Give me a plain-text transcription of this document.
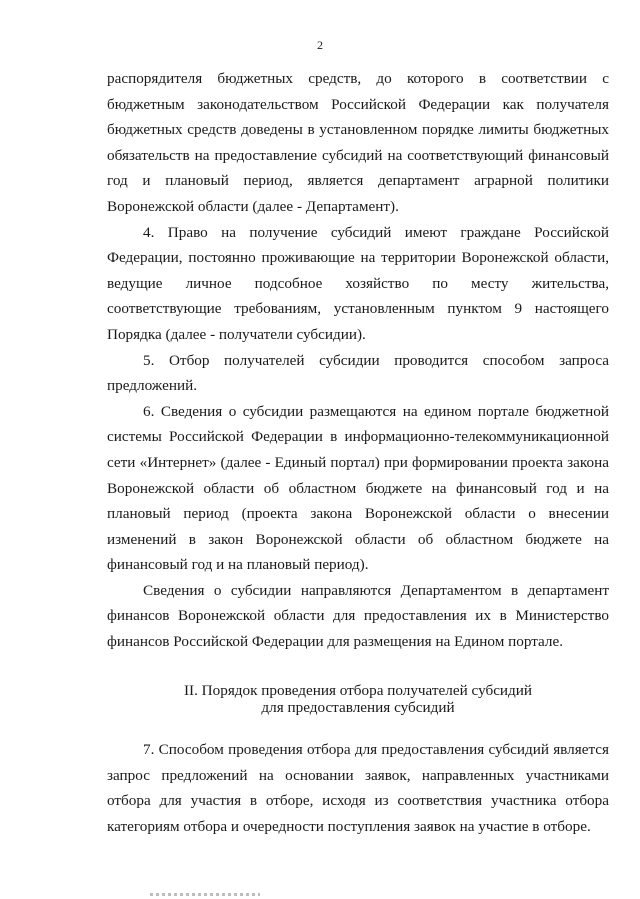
2

распорядителя бюджетных средств, до которого в соответствии с бюджетным законодательством Российской Федерации как получателя бюджетных средств доведены в установленном порядке лимиты бюджетных обязательств на предоставление субсидий на соответствующий финансовый год и плановый период, является департамент аграрной политики Воронежской области (далее - Департамент).

4. Право на получение субсидий имеют граждане Российской Федерации, постоянно проживающие на территории Воронежской области, ведущие личное подсобное хозяйство по месту жительства, соответствующие требованиям, установленным пунктом 9 настоящего Порядка (далее - получатели субсидии).

5. Отбор получателей субсидии проводится способом запроса предложений.

6. Сведения о субсидии размещаются на едином портале бюджетной системы Российской Федерации в информационно-телекоммуникационной сети «Интернет» (далее - Единый портал) при формировании проекта закона Воронежской области об областном бюджете на финансовый год и на плановый период (проекта закона Воронежской области о внесении изменений в закон Воронежской области об областном бюджете на финансовый год и на плановый период).

Сведения о субсидии направляются Департаментом в департамент финансов Воронежской области для предоставления их в Министерство финансов Российской Федерации для размещения на Едином портале.

II. Порядок проведения отбора получателей субсидий
для предоставления субсидий

7. Способом проведения отбора для предоставления субсидий является запрос предложений на основании заявок, направленных участниками отбора для участия в отборе, исходя из соответствия участника отбора категориям отбора и очередности поступления заявок на участие в отборе.
